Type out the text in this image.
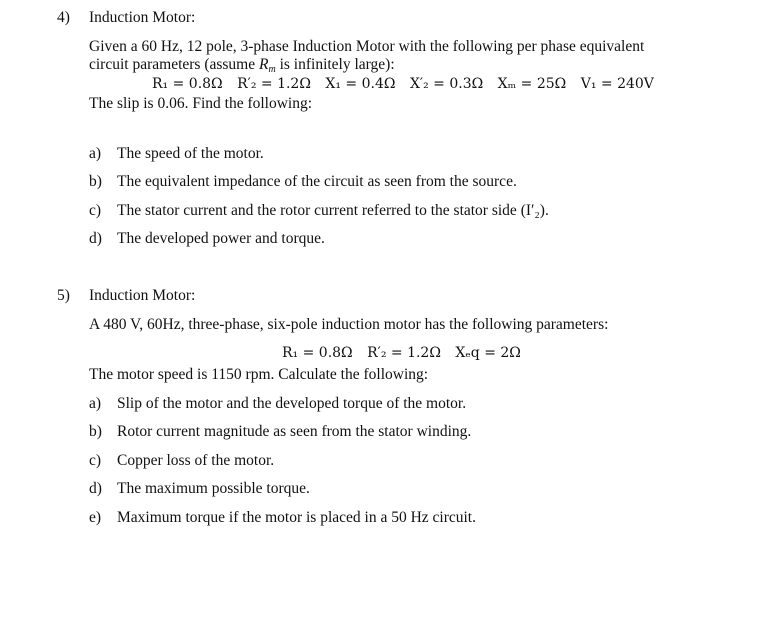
4) Induction Motor:
Given a 60 Hz, 12 pole, 3-phase Induction Motor with the following per phase equivalent
circuit parameters (assume $R_m$ is infinitely large):
R₁ = 0.8Ω R′₂ = 1.2Ω X₁ = 0.4Ω X′₂ = 0.3Ω Xₘ = 25Ω V₁ = 240V
The slip is 0.06. Find the following:
a) The speed of the motor.
b) The equivalent impedance of the circuit as seen from the source.
c) The stator current and the rotor current referred to the stator side (I′₂).
d) The developed power and torque.
5) Induction Motor:
A 480 V, 60Hz, three-phase, six-pole induction motor has the following parameters:
R₁ = 0.8Ω R′₂ = 1.2Ω Xₑq = 2Ω
The motor speed is 1150 rpm. Calculate the following:
a) Slip of the motor and the developed torque of the motor.
b) Rotor current magnitude as seen from the stator winding.
c) Copper loss of the motor.
d) The maximum possible torque.
e) Maximum torque if the motor is placed in a 50 Hz circuit.
